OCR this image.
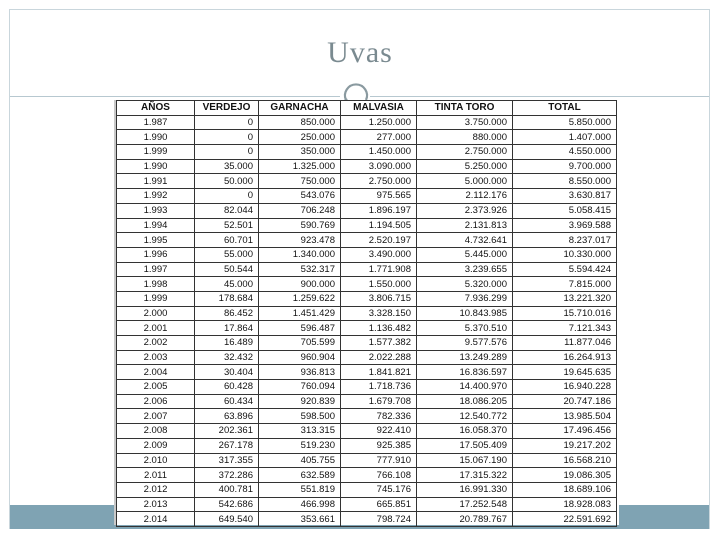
Uvas
AÑOS	VERDEJO	GARNACHA	MALVASIA	TINTA TORO	TOTAL
1.987	0	850.000	1.250.000	3.750.000	5.850.000
1.990	0	250.000	277.000	880.000	1.407.000
1.999	0	350.000	1.450.000	2.750.000	4.550.000
1.990	35.000	1.325.000	3.090.000	5.250.000	9.700.000
1.991	50.000	750.000	2.750.000	5.000.000	8.550.000
1.992	0	543.076	975.565	2.112.176	3.630.817
1.993	82.044	706.248	1.896.197	2.373.926	5.058.415
1.994	52.501	590.769	1.194.505	2.131.813	3.969.588
1.995	60.701	923.478	2.520.197	4.732.641	8.237.017
1.996	55.000	1.340.000	3.490.000	5.445.000	10.330.000
1.997	50.544	532.317	1.771.908	3.239.655	5.594.424
1.998	45.000	900.000	1.550.000	5.320.000	7.815.000
1.999	178.684	1.259.622	3.806.715	7.936.299	13.221.320
2.000	86.452	1.451.429	3.328.150	10.843.985	15.710.016
2.001	17.864	596.487	1.136.482	5.370.510	7.121.343
2.002	16.489	705.599	1.577.382	9.577.576	11.877.046
2.003	32.432	960.904	2.022.288	13.249.289	16.264.913
2.004	30.404	936.813	1.841.821	16.836.597	19.645.635
2.005	60.428	760.094	1.718.736	14.400.970	16.940.228
2.006	60.434	920.839	1.679.708	18.086.205	20.747.186
2.007	63.896	598.500	782.336	12.540.772	13.985.504
2.008	202.361	313.315	922.410	16.058.370	17.496.456
2.009	267.178	519.230	925.385	17.505.409	19.217.202
2.010	317.355	405.755	777.910	15.067.190	16.568.210
2.011	372.286	632.589	766.108	17.315.322	19.086.305
2.012	400.781	551.819	745.176	16.991.330	18.689.106
2.013	542.686	466.998	665.851	17.252.548	18.928.083
2.014	649.540	353.661	798.724	20.789.767	22.591.692
